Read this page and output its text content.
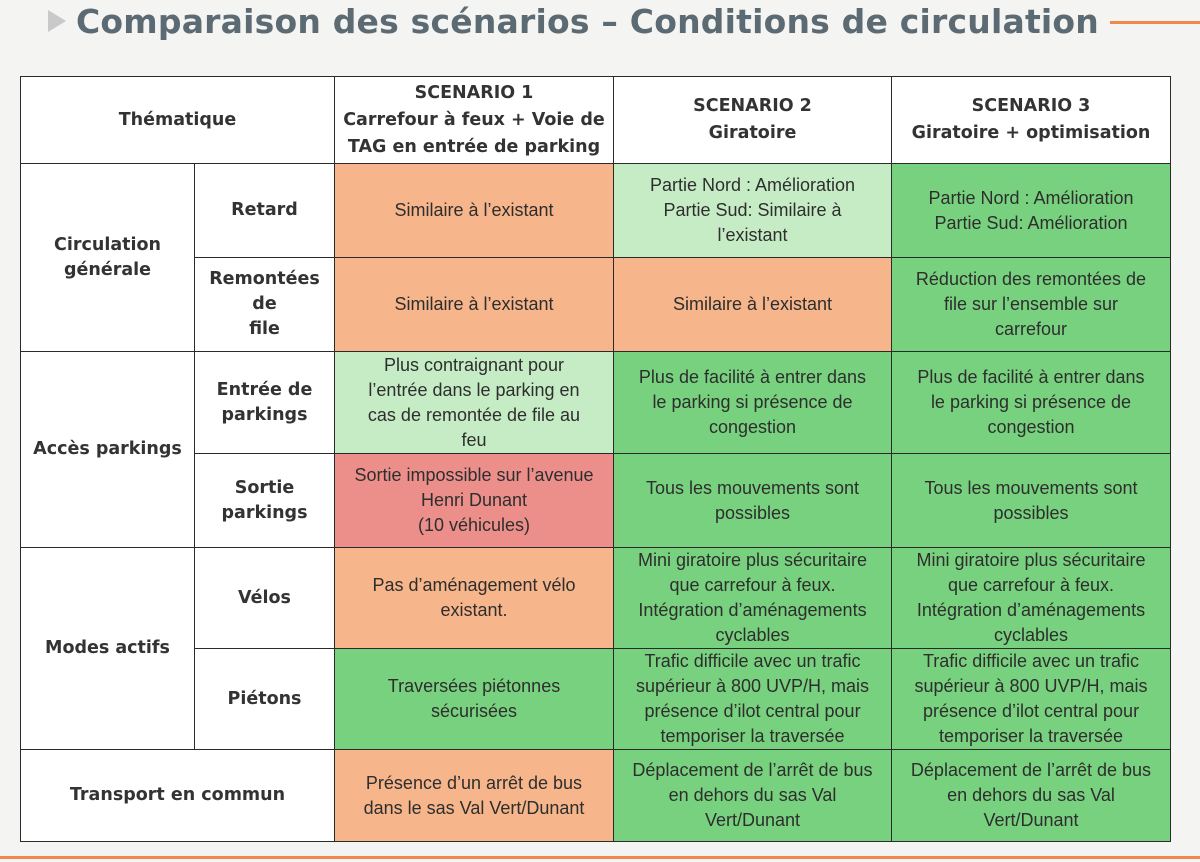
Comparaison des scénarios – Conditions de circulation
Thématique		SCENARIO 1
Carrefour à feux + Voie de
TAG en entrée de parking	SCENARIO 2
Giratoire	SCENARIO 3
Giratoire + optimisation
Circulation
générale	Retard	Similaire à l’existant	Partie Nord : Amélioration
Partie Sud: Similaire à
l’existant	Partie Nord : Amélioration
Partie Sud: Amélioration
	Remontées de
file	Similaire à l’existant	Similaire à l’existant	Réduction des remontées de
file sur l’ensemble sur
carrefour
Accès parkings	Entrée de
parkings	Plus contraignant pour
l’entrée dans le parking en
cas de remontée de file au
feu	Plus de facilité à entrer dans
le parking si présence de
congestion	Plus de facilité à entrer dans
le parking si présence de
congestion
	Sortie
parkings	Sortie impossible sur l’avenue
Henri Dunant
(10 véhicules)	Tous les mouvements sont
possibles	Tous les mouvements sont
possibles
Modes actifs	Vélos	Pas d’aménagement vélo
existant.	Mini giratoire plus sécuritaire
que carrefour à feux.
Intégration d’aménagements
cyclables	Mini giratoire plus sécuritaire
que carrefour à feux.
Intégration d’aménagements
cyclables
	Piétons	Traversées piétonnes
sécurisées	Trafic difficile avec un trafic
supérieur à 800 UVP/H, mais
présence d’ilot central pour
temporiser la traversée	Trafic difficile avec un trafic
supérieur à 800 UVP/H, mais
présence d’ilot central pour
temporiser la traversée
Transport en commun		Présence d’un arrêt de bus
dans le sas Val Vert/Dunant	Déplacement de l’arrêt de bus
en dehors du sas Val
Vert/Dunant	Déplacement de l’arrêt de bus
en dehors du sas Val
Vert/Dunant
